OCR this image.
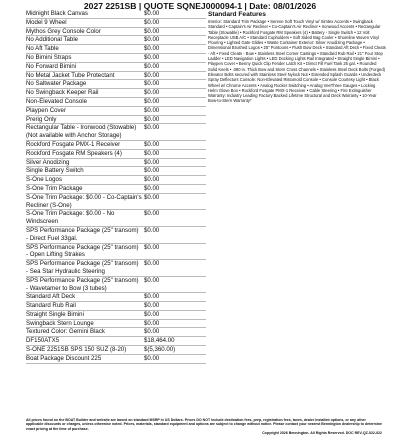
2027 2251SB | QUOTE SQNEJ000094-1 | Date: 08/01/2026
Midnight Black Canvas	$0.00
Model 9 Wheel	$0.00
Mythos Grey Console Color	$0.00
No Additional Table	$0.00
No Aft Table	$0.00
No Bimini Straps	$0.00
No Forward Bimini	$0.00
No Metal Jacket Tube Protectant	$0.00
No Saltwater Package	$0.00
No Swingback Keeper Rail	$0.00
Non-Elevated Console	$0.00
Playpen Cover	$0.00
Prerig Only	$0.00
Rectangular Table - Ironwood (Stowable) (Not available with Anchor Storage)
$0.00
Rockford Fosgate PMX-1 Receiver	$0.00
Rockford Fosgate RM Speakers (4)	$0.00
Silver Anodizing	$0.00
Single Battery Switch	$0.00
S-One Logos	$0.00
S-One Trim Package	$0.00
S-One Trim Package: $0.00 - Co-Captain's Recliner (S-One)
$0.00
S-One Trim Package: $0.00 - No Windscreen
$0.00
SPS Performance Package (25" transom) - Direct Fuel 33gal.
$0.00
SPS Performance Package (25" transom) - Open Lifting Strakes
$0.00
SPS Performance Package (25" transom) - Sea Star Hydraulic Steering
$0.00
SPS Performance Package (25" transom) - Wavetamer to Bow (3 tubes)
$0.00
Standard Aft Deck	$0.00
Standard Rub Rail	$0.00
Straight Single Bimini	$0.00
Swingback Stern Lounge	$0.00
Textured Color: Gemini Black	$0.00
DF150ATX5	$18,464.00
S-ONE 2251SB SPS 150 SUZ (8-20)	$(5,360.00)
Boat Package Discount 225	$0.00
Standard Features
Interior: Standard Trim Package • Serene Soft Touch Vinyl w/ Simtex Accents • Swingback Standard • Captain's Air Recliner • Co-Captain's Air Recliner • Ironwood Accents • Rectangular Table (Stowable) • Rockford Fosgate RM Speakers (4) • Battery - Single Switch • 12 Volt Receptacle USB A/C • Standard Cupholders • Soft Sided Bag Cooler • Shoreline Woven Vinyl Flooring • Lighted Gate Glides • Waste Container Exterior: Silver Anodizing Package • Dimensional Brushed Logos • 25" Pontoons • Flush Bow Deck • Standard Aft Deck • Fixed Cleats - Aft • Fixed Cleats - Bow • Stainless Steel Corner Castings • Standard Rub Rail • 21" Four Step Ladder • LED Navigation Lights • LED Docking Lights Rail Integrated • Straight Single Bimini • Playpen Cover • Benny Quick Clip Fender Latch Kit • Direct Fill Fuel Tank 25 gal. • Rounded Solid Keels • .090 in. Thick Bow and Stern Cross Channels • Stainless Steel Deck Bolts (Forged) Elevator Bolts secured with Stainless Steel Nylock Nut • Extended Splash Guards • Underdeck Spray Deflectors Console: Non-Elevated Ristomold Console • Console Courtesy Light • Black Wheel w/ Chrome Accents • Analog Rocker Switching • Analog VeeThree Gauges • Locking Helm Glove Box • Rockford Fosgate PMX-1 Receiver • Cable Steering • Fire Extinguisher Warranty: Industry Leading Factory Backed Lifetime Structural and Deck Warranty • 10-Year Bow-to-Stern Warranty*
All prices found on the BOAT Builder and website are based on standard MSRP in US Dollars. Prices DO NOT include destination fees, prep, registration fees, taxes, dealer installed options, or any other applicable discounts or charges, unless otherwise noted. Prices, materials, standard equipment and options are subject to change without notice. Please contact your nearest Bennington dealership to determine exact pricing at the time of purchase.
Copyright 2026 Bennington. All Rights Reserved. DOC REV-QZ-022-022
